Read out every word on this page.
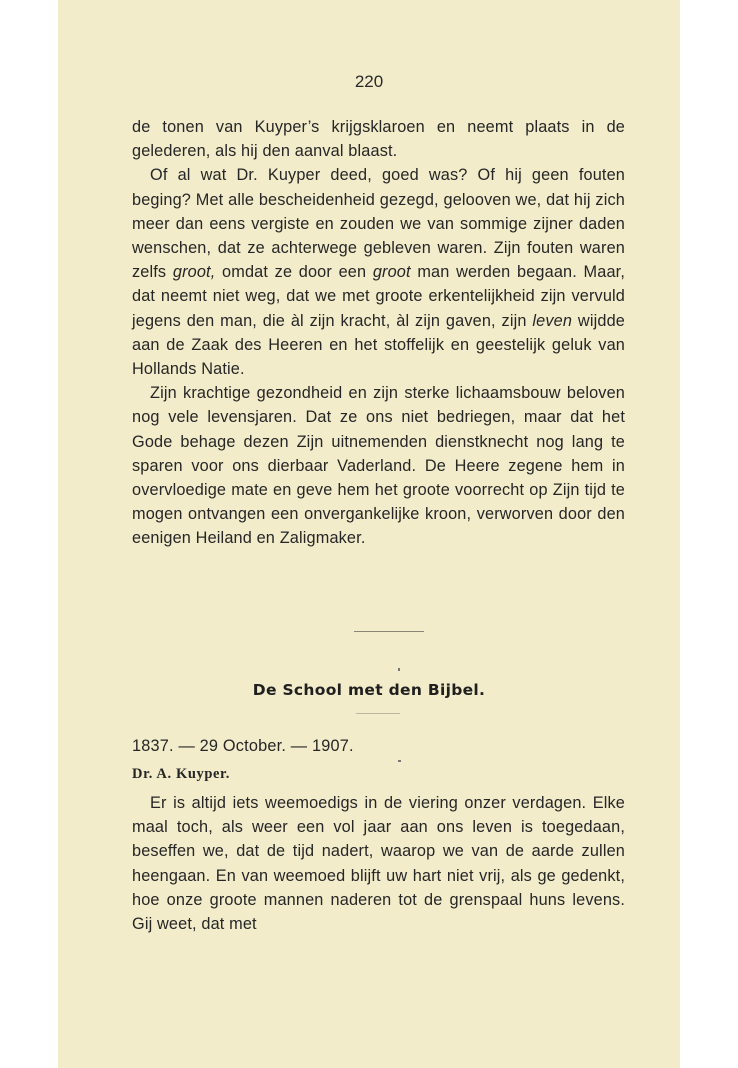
220

de tonen van Kuyper’s krijgsklaroen en neemt plaats in de gelederen, als hij den aanval blaast.

Of al wat Dr. Kuyper deed, goed was? Of hij geen fouten beging? Met alle bescheidenheid gezegd, gelooven we, dat hij zich meer dan eens vergiste en zouden we van sommige zijner daden wenschen, dat ze achterwege gebleven waren. Zijn fouten waren zelfs groot, omdat ze door een groot man werden begaan. Maar, dat neemt niet weg, dat we met groote erkentelijkheid zijn vervuld jegens den man, die àl zijn kracht, àl zijn gaven, zijn leven wijdde aan de Zaak des Heeren en het stoffelijk en geestelijk geluk van Hollands Natie.

Zijn krachtige gezondheid en zijn sterke lichaamsbouw beloven nog vele levensjaren. Dat ze ons niet bedriegen, maar dat het Gode behage dezen Zijn uitnemenden dienstknecht nog lang te sparen voor ons dierbaar Vaderland. De Heere zegene hem in overvloedige mate en geve hem het groote voorrecht op Zijn tijd te mogen ontvangen een onvergankelijke kroon, verworven door den eenigen Heiland en Zaligmaker.

De School met den Bijbel.
1837. — 29 October. — 1907.
Dr. A. Kuyper.

Er is altijd iets weemoedigs in de viering onzer verdagen. Elke maal toch, als weer een vol jaar aan ons leven is toegedaan, beseffen we, dat de tijd nadert, waarop we van de aarde zullen heengaan. En van weemoed blijft uw hart niet vrij, als ge gedenkt, hoe onze groote mannen naderen tot de grenspaal huns levens. Gij weet, dat met
